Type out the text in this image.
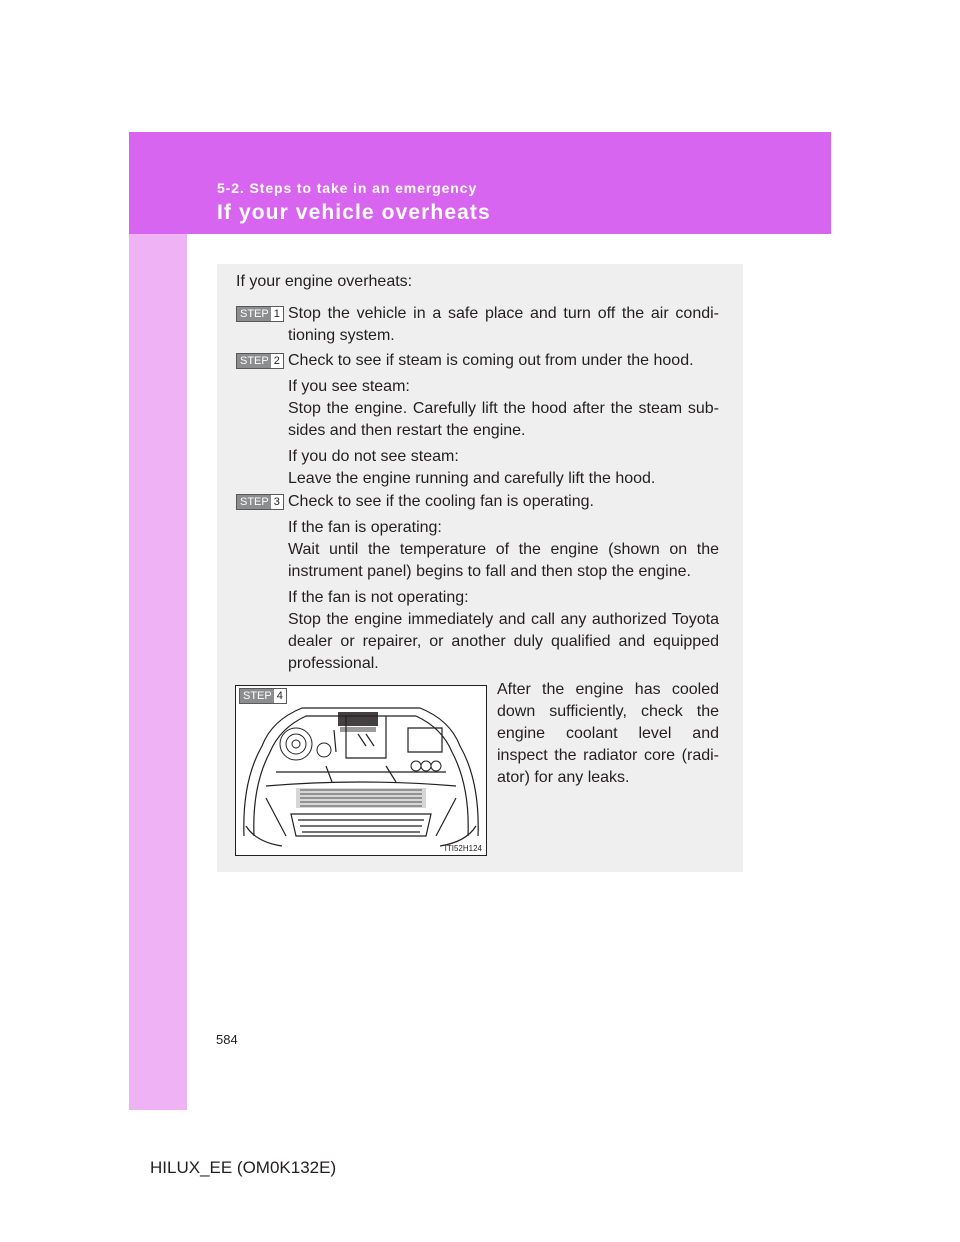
5-2. Steps to take in an emergency
If your vehicle overheats
If your engine overheats:
STEP 1 Stop the vehicle in a safe place and turn off the air condi-
tioning system.
STEP 2 Check to see if steam is coming out from under the hood.
If you see steam:
Stop the engine. Carefully lift the hood after the steam sub-
sides and then restart the engine.
If you do not see steam:
Leave the engine running and carefully lift the hood.
STEP 3 Check to see if the cooling fan is operating.
If the fan is operating:
Wait until the temperature of the engine (shown on the
instrument panel) begins to fall and then stop the engine.
If the fan is not operating:
Stop the engine immediately and call any authorized Toyota
dealer or repairer, or another duly qualified and equipped
professional.
STEP 4
ITI52H124
After the engine has cooled
down sufficiently, check the
engine coolant level and
inspect the radiator core (radi-
ator) for any leaks.
584
HILUX_EE (OM0K132E)
